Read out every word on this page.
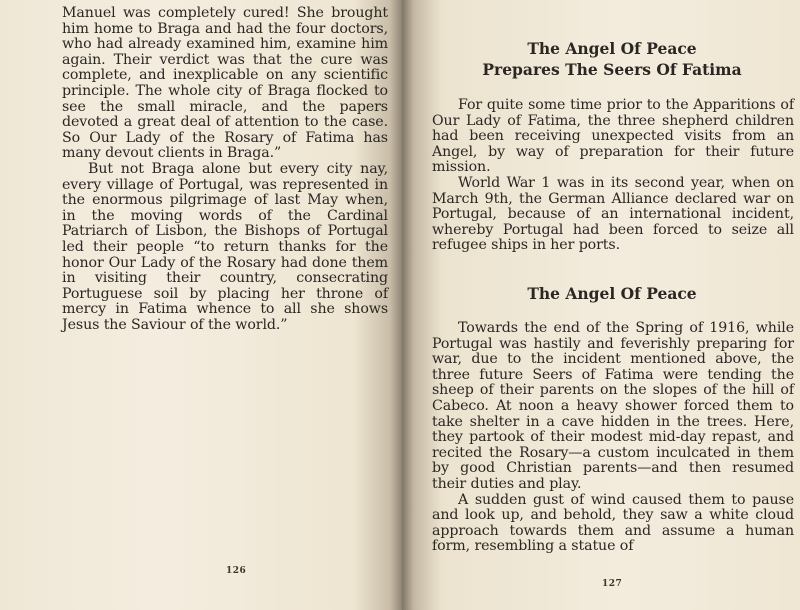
Manuel was completely cured! She brought him home to Braga and had the four doctors, who had already examined him, examine him again. Their verdict was that the cure was complete, and inexplicable on any scientific principle. The whole city of Braga flocked to see the small miracle, and the papers devoted a great deal of attention to the case. So Our Lady of the Rosary of Fatima has many devout clients in Braga.”

But not Braga alone but every city nay, every village of Portugal, was represented in the enormous pilgrimage of last May when, in the moving words of the Cardinal Patriarch of Lisbon, the Bishops of Portugal led their people “to return thanks for the honor Our Lady of the Rosary had done them in visiting their country, consecrating Portuguese soil by placing her throne of mercy in Fatima whence to all she shows Jesus the Saviour of the world.”

126
The Angel Of Peace
Prepares The Seers Of Fatima

For quite some time prior to the Apparitions of Our Lady of Fatima, the three shepherd children had been receiving unexpected visits from an Angel, by way of preparation for their future mission.

World War 1 was in its second year, when on March 9th, the German Alliance declared war on Portugal, because of an international incident, whereby Portugal had been forced to seize all refugee ships in her ports.

The Angel Of Peace

Towards the end of the Spring of 1916, while Portugal was hastily and feverishly preparing for war, due to the incident mentioned above, the three future Seers of Fatima were tending the sheep of their parents on the slopes of the hill of Cabeco. At noon a heavy shower forced them to take shelter in a cave hidden in the trees. Here, they partook of their modest mid-day repast, and recited the Rosary—a custom inculcated in them by good Christian parents—and then resumed their duties and play.

A sudden gust of wind caused them to pause and look up, and behold, they saw a white cloud approach towards them and assume a human form, resembling a statue of

127
